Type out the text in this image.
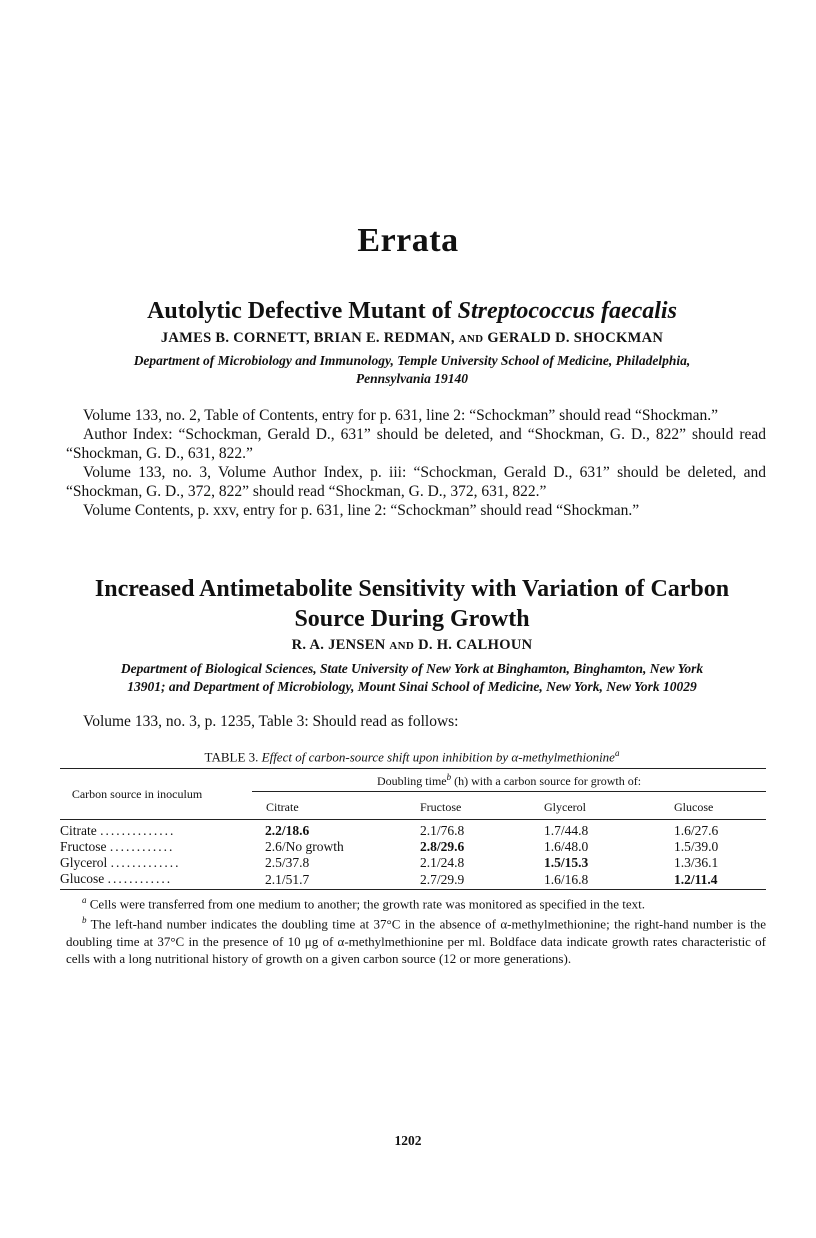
Errata
Autolytic Defective Mutant of Streptococcus faecalis
JAMES B. CORNETT, BRIAN E. REDMAN, AND GERALD D. SHOCKMAN
Department of Microbiology and Immunology, Temple University School of Medicine, Philadelphia,
Pennsylvania 19140

Volume 133, no. 2, Table of Contents, entry for p. 631, line 2: “Schockman” should read “Shockman.”

Author Index: “Schockman, Gerald D., 631” should be deleted, and “Shockman, G. D., 822” should read “Shockman, G. D., 631, 822.”

Volume 133, no. 3, Volume Author Index, p. iii: “Schockman, Gerald D., 631” should be deleted, and “Shockman, G. D., 372, 822” should read “Shockman, G. D., 372, 631, 822.”

Volume Contents, p. xxv, entry for p. 631, line 2: “Schockman” should read “Shockman.”

Increased Antimetabolite Sensitivity with Variation of Carbon
Source During Growth
R. A. JENSEN AND D. H. CALHOUN
Department of Biological Sciences, State University of New York at Binghamton, Binghamton, New York
13901; and Department of Microbiology, Mount Sinai School of Medicine, New York, New York 10029

Volume 133, no. 3, p. 1235, Table 3: Should read as follows:

TABLE 3. Effect of carbon-source shift upon inhibition by α-methylmethionine$^a$
Carbon source in inoculum		Doubling time$^b$ (h) with a carbon source for growth of:			
		Citrate	Fructose	Glycerol	Glucose
Citrate ..............		2.2/18.6	2.1/76.8	1.7/44.8	1.6/27.6
Fructose ............		2.6/No growth	2.8/29.6	1.6/48.0	1.5/39.0
Glycerol .............		2.5/37.8	2.1/24.8	1.5/15.3	1.3/36.1
Glucose ............		2.1/51.7	2.7/29.9	1.6/16.8	1.2/11.4

$^a$ Cells were transferred from one medium to another; the growth rate was monitored as specified in the text.

$^b$ The left-hand number indicates the doubling time at 37°C in the absence of α-methylmethionine; the right-hand number is the doubling time at 37°C in the presence of 10 μg of α-methylmethionine per ml. Boldface data indicate growth rates characteristic of cells with a long nutritional history of growth on a given carbon source (12 or more generations).

1202
